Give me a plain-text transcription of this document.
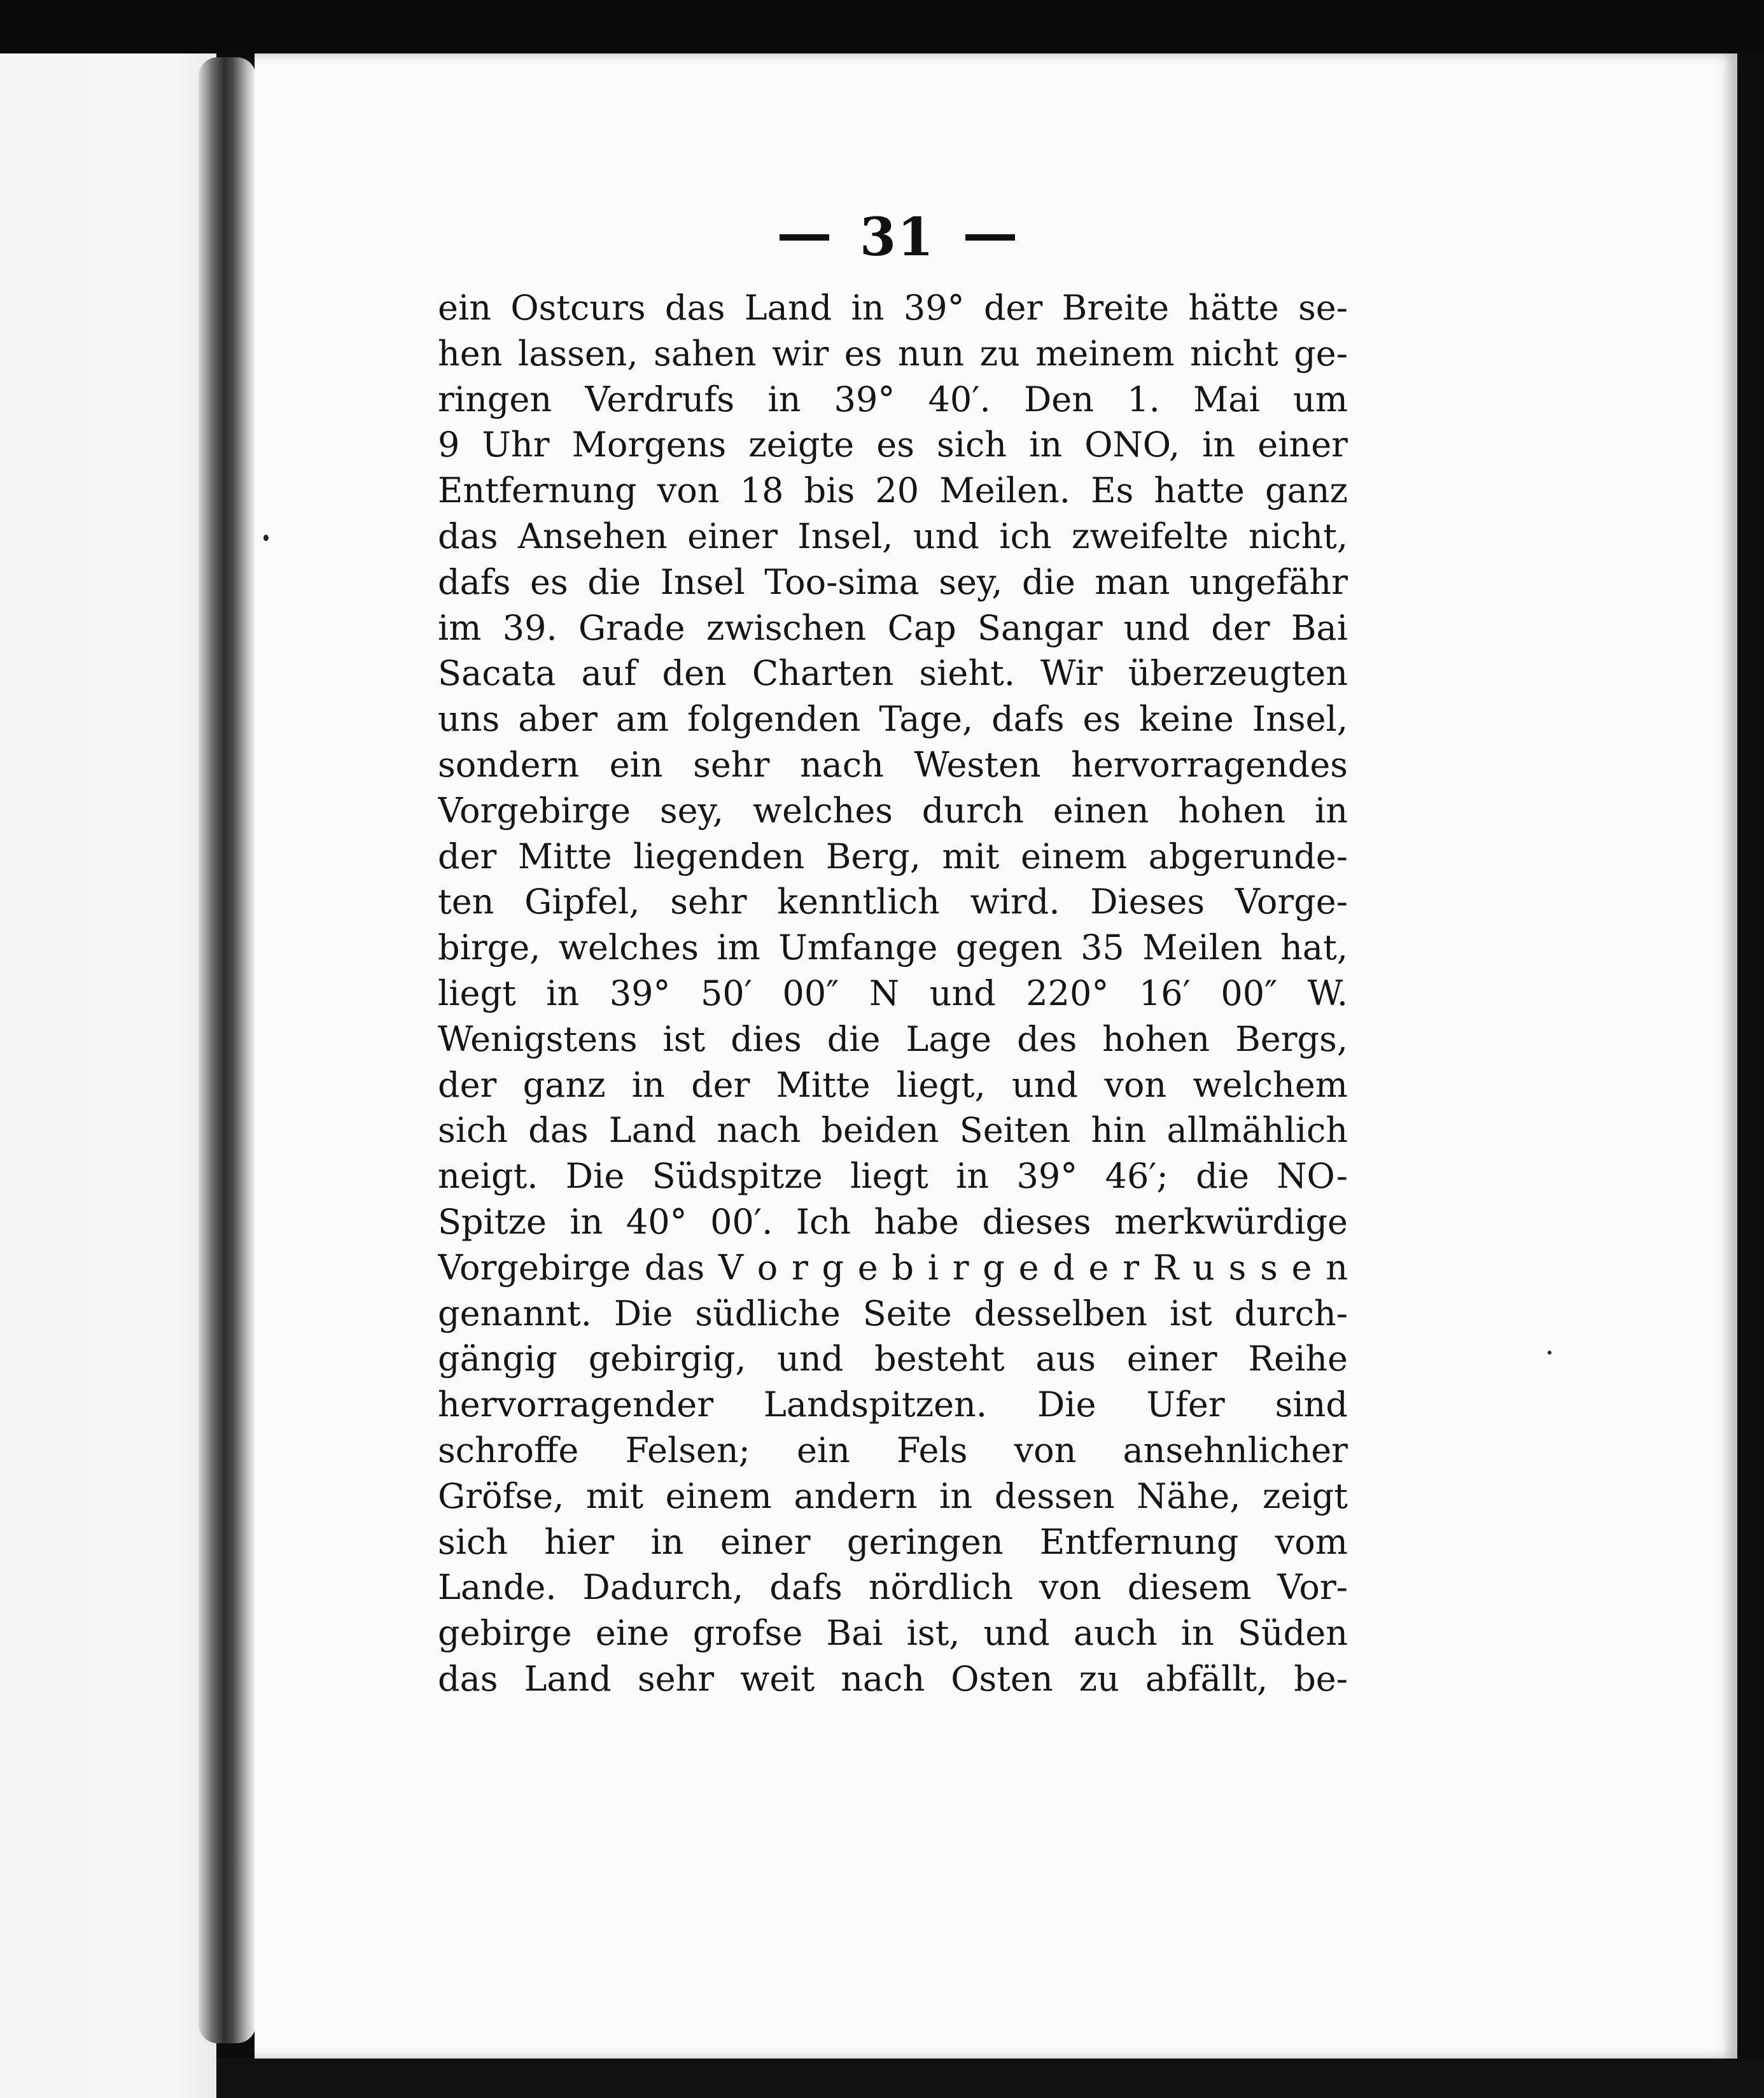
31
ein Ostcurs das Land in 39° der Breite hätte se-
hen lassen, sahen wir es nun zu meinem nicht ge-
ringen Verdrufs in 39° 40′. Den 1. Mai um
9 Uhr Morgens zeigte es sich in ONO, in einer
Entfernung von 18 bis 20 Meilen. Es hatte ganz
das Ansehen einer Insel, und ich zweifelte nicht,
dafs es die Insel Too-sima sey, die man ungefähr
im 39. Grade zwischen Cap Sangar und der Bai
Sacata auf den Charten sieht. Wir überzeugten
uns aber am folgenden Tage, dafs es keine Insel,
sondern ein sehr nach Westen hervorragendes
Vorgebirge sey, welches durch einen hohen in
der Mitte liegenden Berg, mit einem abgerunde-
ten Gipfel, sehr kenntlich wird. Dieses Vorge-
birge, welches im Umfange gegen 35 Meilen hat,
liegt in 39° 50′ 00″ N und 220° 16′ 00″ W.
Wenigstens ist dies die Lage des hohen Bergs,
der ganz in der Mitte liegt, und von welchem
sich das Land nach beiden Seiten hin allmählich
neigt. Die Südspitze liegt in 39° 46′; die NO-
Spitze in 40° 00′. Ich habe dieses merkwürdige
Vorgebirge das V o r g e b i r g e d e r R u s s e n
genannt. Die südliche Seite desselben ist durch-
gängig gebirgig, und besteht aus einer Reihe
hervorragender Landspitzen. Die Ufer sind
schroffe Felsen; ein Fels von ansehnlicher
Gröfse, mit einem andern in dessen Nähe, zeigt
sich hier in einer geringen Entfernung vom
Lande. Dadurch, dafs nördlich von diesem Vor-
gebirge eine grofse Bai ist, und auch in Süden
das Land sehr weit nach Osten zu abfällt, be-
